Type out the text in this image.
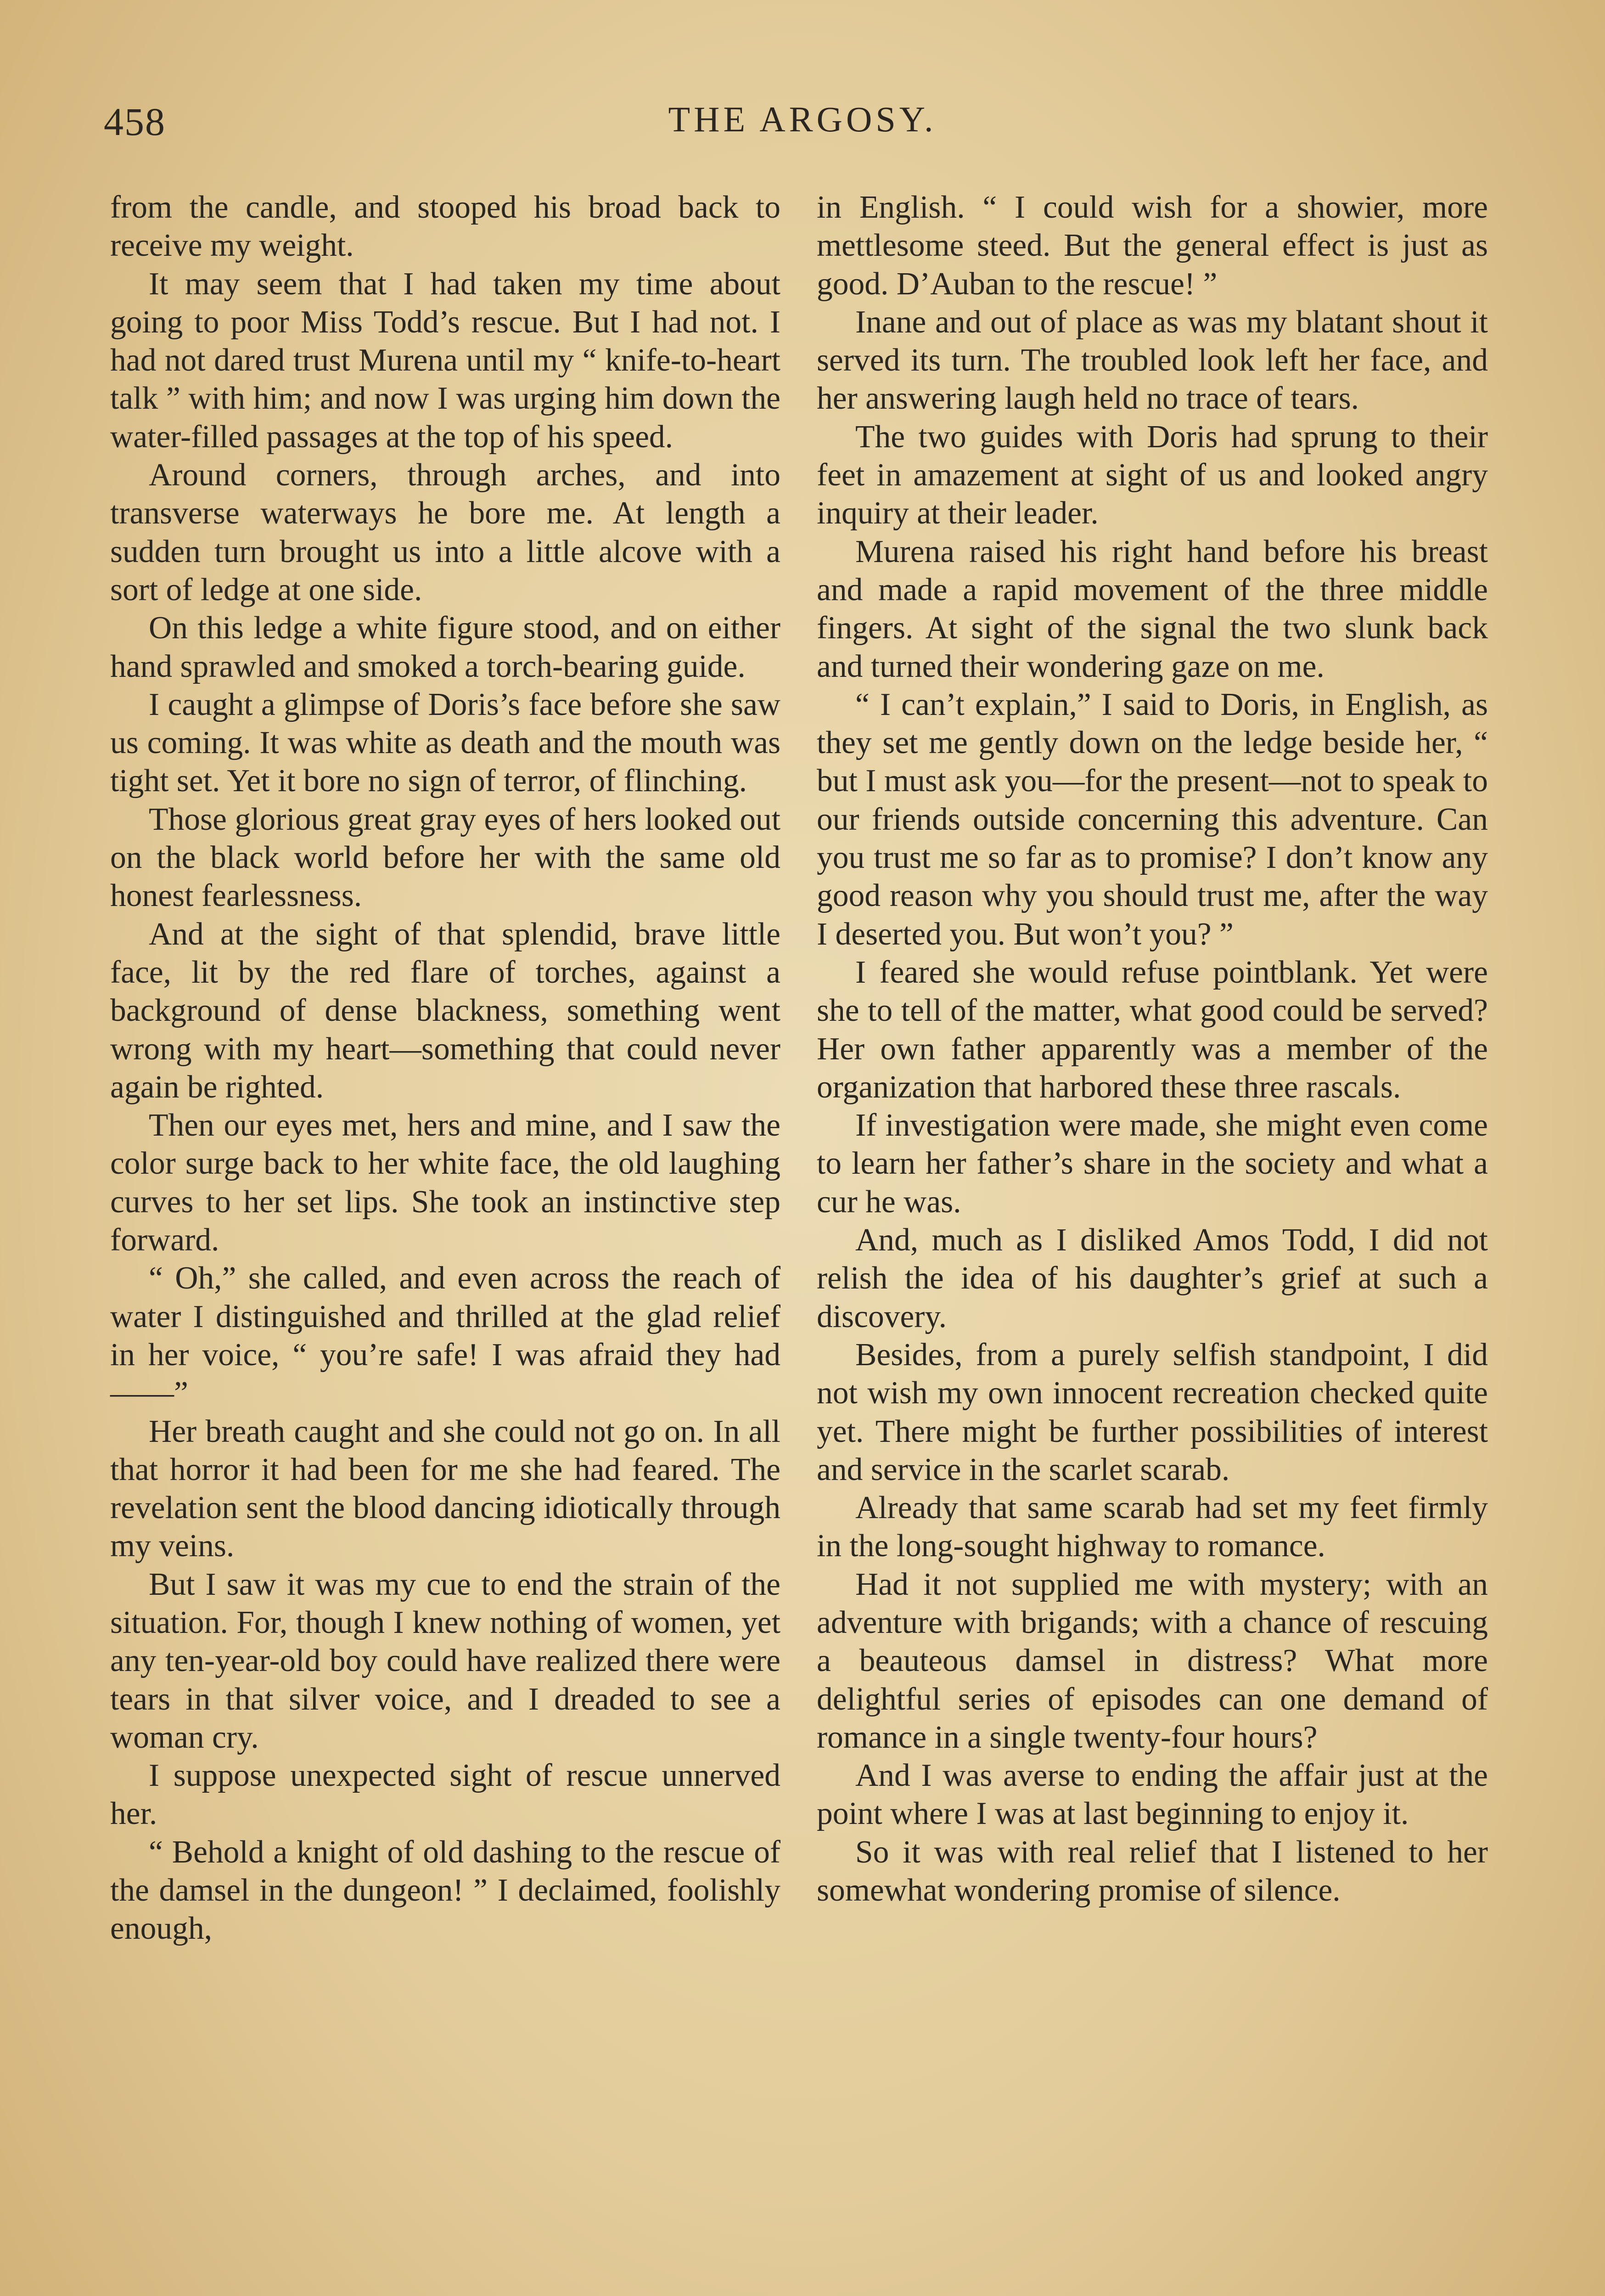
458	THE ARGOSY.

from the candle, and stooped his broad back to receive my weight.

It may seem that I had taken my time about going to poor Miss Todd’s rescue. But I had not. I had not dared trust Murena until my “ knife-to-heart talk ” with him; and now I was urging him down the water-filled passages at the top of his speed.

Around corners, through arches, and into transverse waterways he bore me. At length a sudden turn brought us into a little alcove with a sort of ledge at one side.

On this ledge a white figure stood, and on either hand sprawled and smoked a torch-bearing guide.

I caught a glimpse of Doris’s face before she saw us coming. It was white as death and the mouth was tight set. Yet it bore no sign of terror, of flinching.

Those glorious great gray eyes of hers looked out on the black world before her with the same old honest fearlessness.

And at the sight of that splendid, brave little face, lit by the red flare of torches, against a background of dense blackness, something went wrong with my heart—something that could never again be righted.

Then our eyes met, hers and mine, and I saw the color surge back to her white face, the old laughing curves to her set lips. She took an instinctive step forward.

“ Oh,” she called, and even across the reach of water I distinguished and thrilled at the glad relief in her voice, “ you’re safe! I was afraid they had——”

Her breath caught and she could not go on. In all that horror it had been for me she had feared. The revelation sent the blood dancing idiotically through my veins.

But I saw it was my cue to end the strain of the situation. For, though I knew nothing of women, yet any ten-year-old boy could have realized there were tears in that silver voice, and I dreaded to see a woman cry.

I suppose unexpected sight of rescue unnerved her.

“ Behold a knight of old dashing to the rescue of the damsel in the dungeon! ” I declaimed, foolishly enough,

in English. “ I could wish for a showier, more mettlesome steed. But the general effect is just as good. D’Auban to the rescue! ”

Inane and out of place as was my blatant shout it served its turn. The troubled look left her face, and her answering laugh held no trace of tears.

The two guides with Doris had sprung to their feet in amazement at sight of us and looked angry inquiry at their leader.

Murena raised his right hand before his breast and made a rapid movement of the three middle fingers. At sight of the signal the two slunk back and turned their wondering gaze on me.

“ I can’t explain,” I said to Doris, in English, as they set me gently down on the ledge beside her, “ but I must ask you—for the present—not to speak to our friends outside concerning this adventure. Can you trust me so far as to promise? I don’t know any good reason why you should trust me, after the way I deserted you. But won’t you? ”

I feared she would refuse pointblank. Yet were she to tell of the matter, what good could be served? Her own father apparently was a member of the organization that harbored these three rascals.

If investigation were made, she might even come to learn her father’s share in the society and what a cur he was.

And, much as I disliked Amos Todd, I did not relish the idea of his daughter’s grief at such a discovery.

Besides, from a purely selfish standpoint, I did not wish my own innocent recreation checked quite yet. There might be further possibilities of interest and service in the scarlet scarab.

Already that same scarab had set my feet firmly in the long-sought highway to romance.

Had it not supplied me with mystery; with an adventure with brigands; with a chance of rescuing a beauteous damsel in distress? What more delightful series of episodes can one demand of romance in a single twenty-four hours?

And I was averse to ending the affair just at the point where I was at last beginning to enjoy it.

So it was with real relief that I listened to her somewhat wondering promise of silence.
